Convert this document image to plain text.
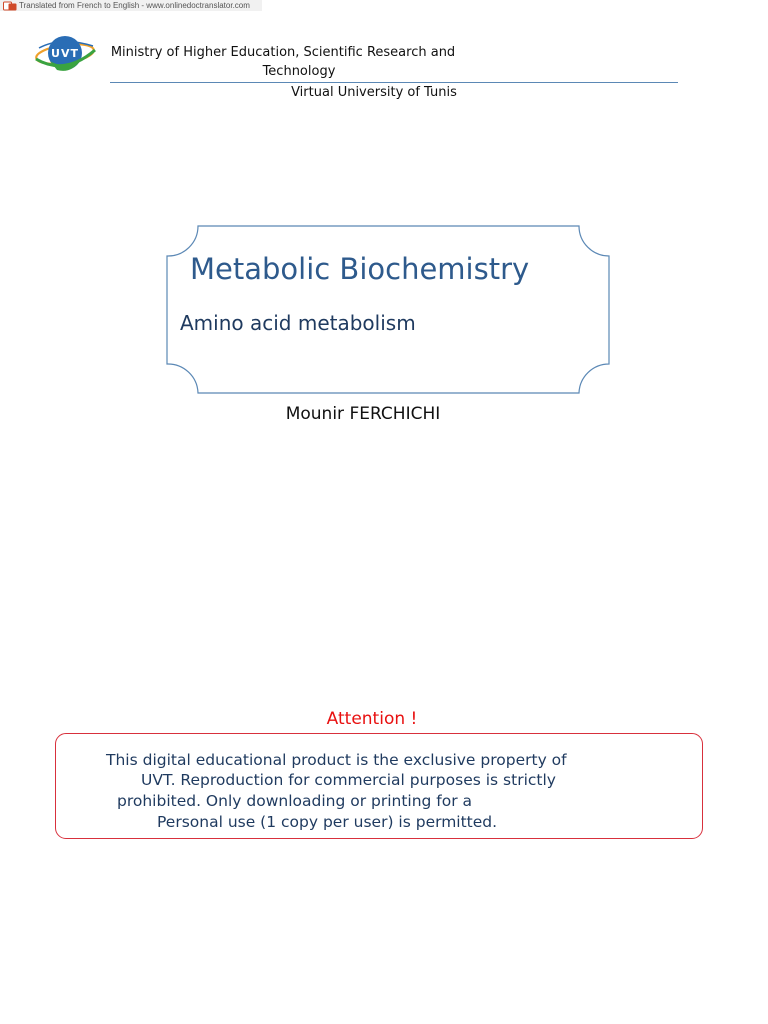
Translated from French to English - www.onlinedoctranslator.com
UVT	Ministry of Higher Education, Scientific Research and
Technology
Virtual University of Tunis
Metabolic Biochemistry
Amino acid metabolism
Mounir FERCHICHI
Attention !
This digital educational product is the exclusive property of
UVT. Reproduction for commercial purposes is strictly
prohibited. Only downloading or printing for a
Personal use (1 copy per user) is permitted.
